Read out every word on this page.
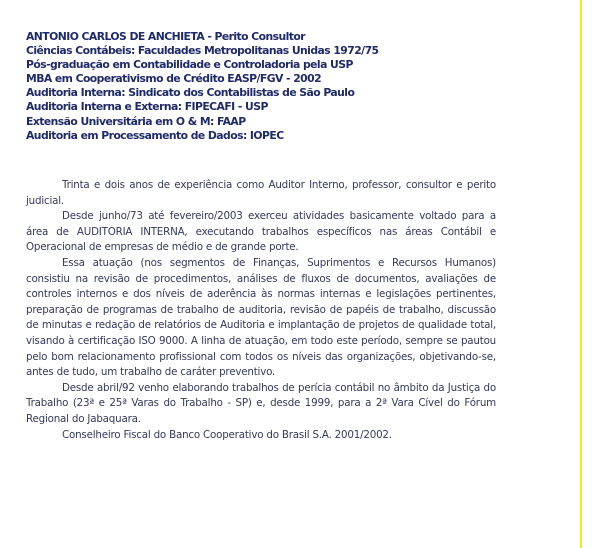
ANTONIO CARLOS DE ANCHIETA - Perito Consultor
Ciências Contábeis: Faculdades Metropolitanas Unidas 1972/75
Pós-graduação em Contabilidade e Controladoria pela USP
MBA em Cooperativismo de Crédito EASP/FGV - 2002
Auditoria Interna: Sindicato dos Contabilistas de São Paulo
Auditoria Interna e Externa: FIPECAFI - USP
Extensão Universitária em O & M: FAAP
Auditoria em Processamento de Dados: IOPEC

Trinta e dois anos de experiência como Auditor Interno, professor, consultor e perito judicial.

Desde junho/73 até fevereiro/2003 exerceu atividades basicamente voltado para a área de AUDITORIA INTERNA, executando trabalhos específicos nas áreas Contábil e Operacional de empresas de médio e de grande porte.

Essa atuação (nos segmentos de Finanças, Suprimentos e Recursos Humanos) consistiu na revisão de procedimentos, análises de fluxos de documentos, avaliações de controles internos e dos níveis de aderência às normas internas e legislações pertinentes, preparação de programas de trabalho de auditoria, revisão de papéis de trabalho, discussão de minutas e redação de relatórios de Auditoria e implantação de projetos de qualidade total, visando à certificação ISO 9000. A linha de atuação, em todo este período, sempre se pautou pelo bom relacionamento profissional com todos os níveis das organizações, objetivando-se, antes de tudo, um trabalho de caráter preventivo.

Desde abril/92 venho elaborando trabalhos de perícia contábil no âmbito da Justiça do Trabalho (23ª e 25ª Varas do Trabalho - SP) e, desde 1999, para a 2ª Vara Cível do Fórum Regional do Jabaquara.

Conselheiro Fiscal do Banco Cooperativo do Brasil S.A. 2001/2002.
